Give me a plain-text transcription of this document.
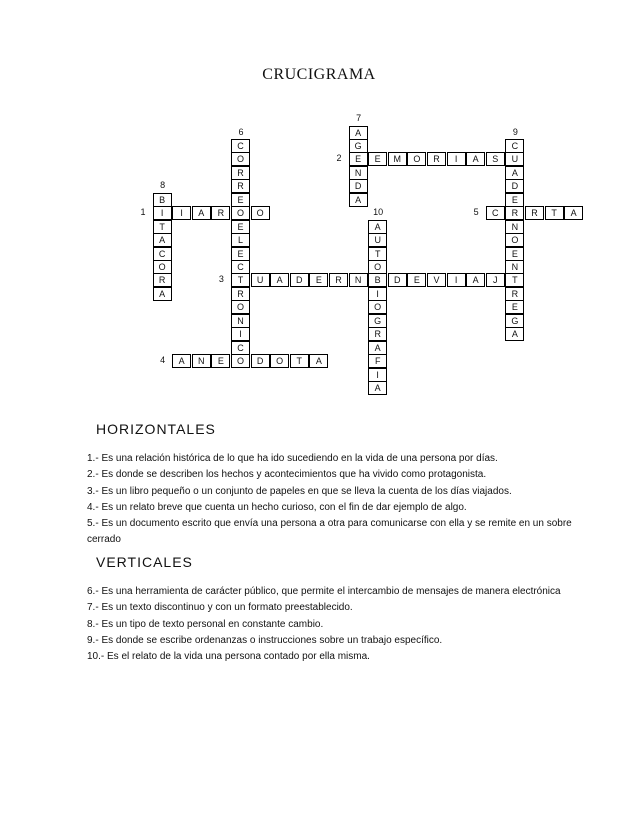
CRUCIGRAMA
I	I	A	R	O	O
E	E	M	O	R	I	A	S
T	U	A	D	E	R	N	B	D	E	V	I	A	J	T
A	N	E	O	D	O	T	A
C	R	R	T	A
C
O
R
R
E
E
L
E
C
R
O
N
I
C
A
G
N
D
A
B
T
A
C
O
R
A
C
U
A
D
E
N
O
E
N
R
E
G
A
A
U
T
O
I
O
G
R
A
F
I
A
1
2
3
4
5
6
7
8
9
10
HORIZONTALES

1.- Es una relación histórica de lo que ha ido sucediendo en la vida de una persona por días.

2.- Es donde se describen los hechos y acontecimientos que ha vivido como protagonista.

3.- Es un libro pequeño o un conjunto de papeles en que se lleva la cuenta de los días viajados.

4.- Es un relato breve que cuenta un hecho curioso, con el fin de dar ejemplo de algo.

5.- Es un documento escrito que envía una persona a otra para comunicarse con ella y se remite en un sobre cerrado

VERTICALES

6.- Es una herramienta de carácter público, que permite el intercambio de mensajes de manera electrónica

7.- Es un texto discontinuo y con un formato preestablecido.

8.- Es un tipo de texto personal en constante cambio.

9.- Es donde se escribe ordenanzas o instrucciones sobre un trabajo específico.

10.- Es el relato de la vida una persona contado por ella misma.
